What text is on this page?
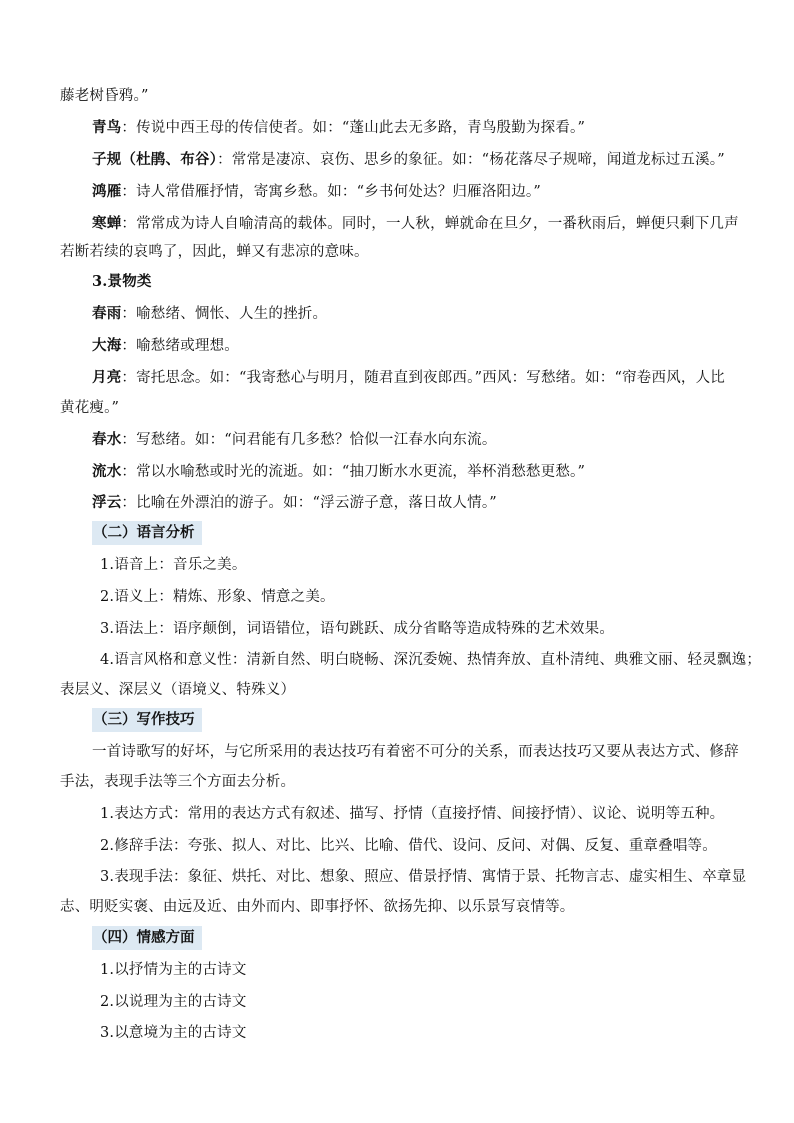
藤老树昏鸦。”
青鸟：传说中西王母的传信使者。如：“蓬山此去无多路，青鸟殷勤为探看。”
子规（杜鹃、布谷）：常常是凄凉、哀伤、思乡的象征。如：“杨花落尽子规啼，闻道龙标过五溪。”
鸿雁：诗人常借雁抒情，寄寓乡愁。如：“乡书何处达？归雁洛阳边。”
寒蝉：常常成为诗人自喻清高的载体。同时，一人秋，蝉就命在旦夕，一番秋雨后，蝉便只剩下几声
若断若续的哀鸣了，因此，蝉又有悲凉的意味。
3.景物类
春雨：喻愁绪、惆怅、人生的挫折。
大海：喻愁绪或理想。
月亮：寄托思念。如：“我寄愁心与明月，随君直到夜郎西。”西风：写愁绪。如：“帘卷西风，人比
黄花瘦。”
春水：写愁绪。如：“问君能有几多愁？恰似一江春水向东流。
流水：常以水喻愁或时光的流逝。如：“抽刀断水水更流，举杯消愁愁更愁。”
浮云：比喻在外漂泊的游子。如：“浮云游子意，落日故人情。”
（二）语言分析
1.语音上：音乐之美。
2.语义上：精炼、形象、情意之美。
3.语法上：语序颠倒，词语错位，语句跳跃、成分省略等造成特殊的艺术效果。
4.语言风格和意义性：清新自然、明白晓畅、深沉委婉、热情奔放、直朴清纯、典雅文丽、轻灵飘逸；
表层义、深层义（语境义、特殊义）
（三）写作技巧
一首诗歌写的好坏，与它所采用的表达技巧有着密不可分的关系，而表达技巧又要从表达方式、修辞
手法，表现手法等三个方面去分析。
1.表达方式：常用的表达方式有叙述、描写、抒情（直接抒情、间接抒情）、议论、说明等五种。
2.修辞手法：夸张、拟人、对比、比兴、比喻、借代、设问、反问、对偶、反复、重章叠唱等。
3.表现手法：象征、烘托、对比、想象、照应、借景抒情、寓情于景、托物言志、虚实相生、卒章显
志、明贬实褒、由远及近、由外而内、即事抒怀、欲扬先抑、以乐景写哀情等。
（四）情感方面
1.以抒情为主的古诗文
2.以说理为主的古诗文
3.以意境为主的古诗文
